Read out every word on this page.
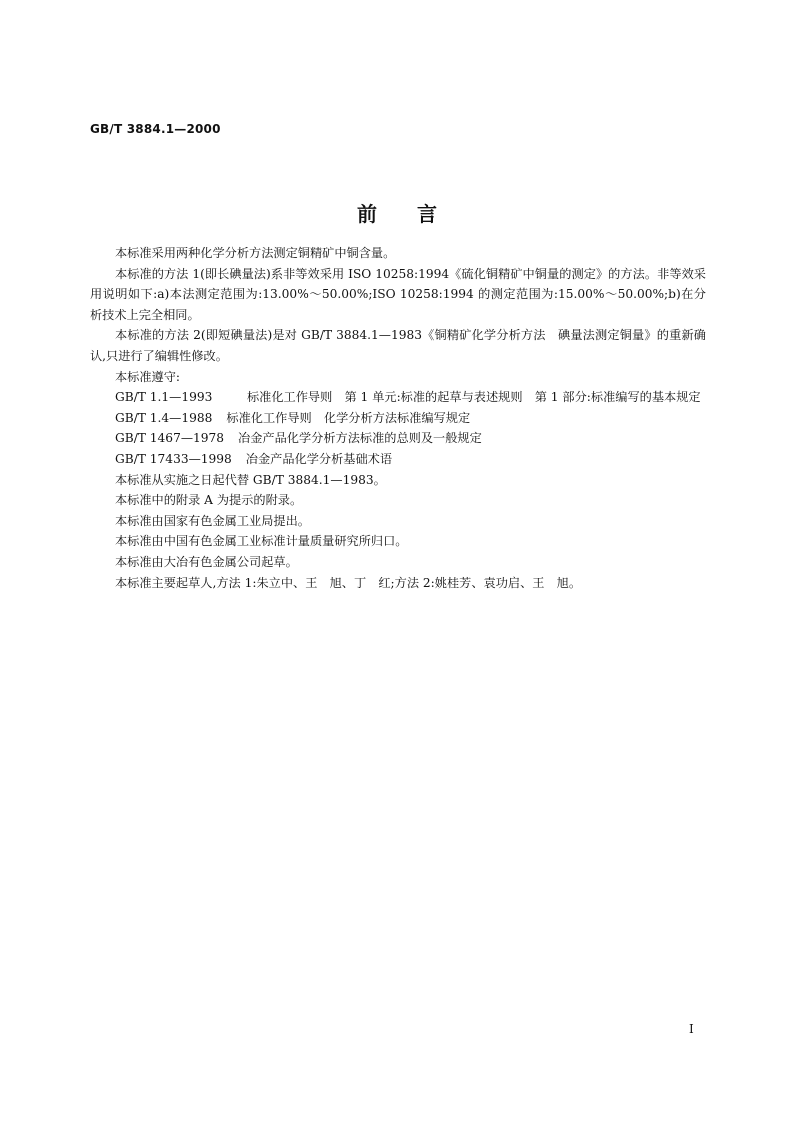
GB/T 3884.1—2000
前言

本标准采用两种化学分析方法测定铜精矿中铜含量。

本标准的方法 1(即长碘量法)系非等效采用 ISO 10258:1994《硫化铜精矿中铜量的测定》的方法。非等效采用说明如下:a)本法测定范围为:13.00%～50.00%;ISO 10258:1994 的测定范围为:15.00%～50.00%;b)在分析技术上完全相同。

本标准的方法 2(即短碘量法)是对 GB/T 3884.1—1983《铜精矿化学分析方法　碘量法测定铜量》的重新确认,只进行了编辑性修改。

本标准遵守:

GB/T 1.1—1993	标准化工作导则　第 1 单元:标准的起草与表述规则　第 1 部分:标准编写的基本规定
GB/T 1.4—1988	标准化工作导则　化学分析方法标准编写规定
GB/T 1467—1978	冶金产品化学分析方法标准的总则及一般规定
GB/T 17433—1998	冶金产品化学分析基础术语

本标准从实施之日起代替 GB/T 3884.1—1983。

本标准中的附录 A 为提示的附录。

本标准由国家有色金属工业局提出。

本标准由中国有色金属工业标准计量质量研究所归口。

本标准由大冶有色金属公司起草。

本标准主要起草人,方法 1:朱立中、王　旭、丁　红;方法 2:姚桂芳、袁功启、王　旭。

I
